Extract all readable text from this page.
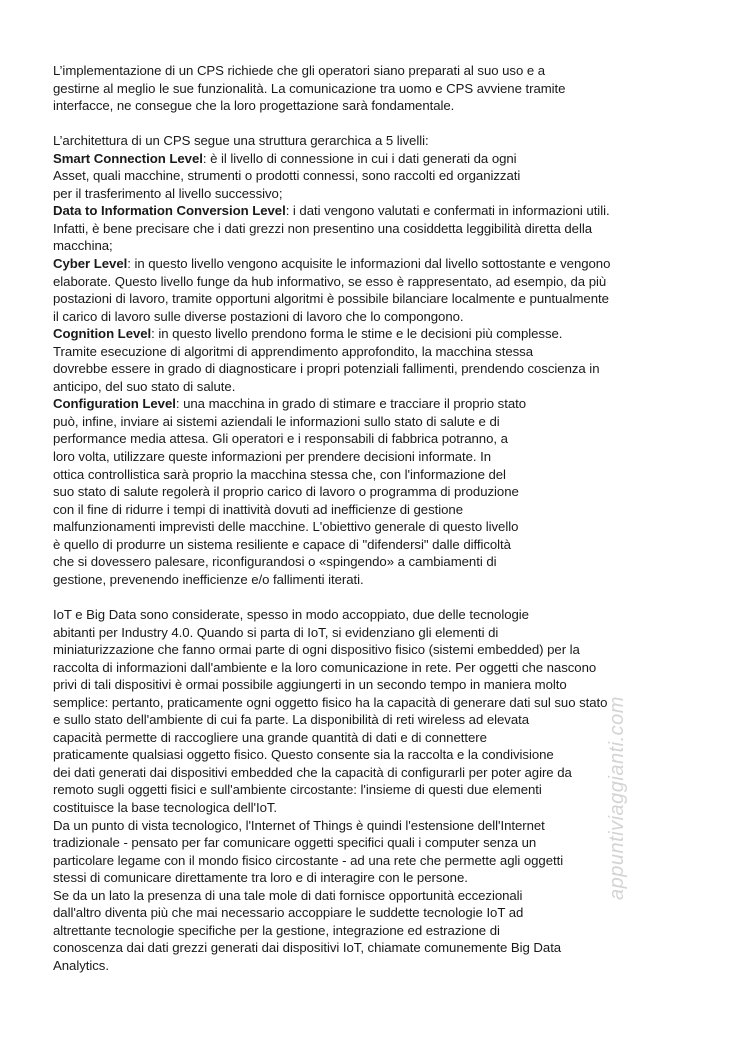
appuntiviaggianti.com
L’implementazione di un CPS richiede che gli operatori siano preparati al suo uso e a
gestirne al meglio le sue funzionalità. La comunicazione tra uomo e CPS avviene tramite
interfacce, ne consegue che la loro progettazione sarà fondamentale.
L’architettura di un CPS segue una struttura gerarchica a 5 livelli:
Smart Connection Level: è il livello di connessione in cui i dati generati da ogni
Asset, quali macchine, strumenti o prodotti connessi, sono raccolti ed organizzati
per il trasferimento al livello successivo;
Data to Information Conversion Level: i dati vengono valutati e confermati in informazioni utili.
Infatti, è bene precisare che i dati grezzi non presentino una cosiddetta leggibilità diretta della
macchina;
Cyber Level: in questo livello vengono acquisite le informazioni dal livello sottostante e vengono
elaborate. Questo livello funge da hub informativo, se esso è rappresentato, ad esempio, da più
postazioni di lavoro, tramite opportuni algoritmi è possibile bilanciare localmente e puntualmente
il carico di lavoro sulle diverse postazioni di lavoro che lo compongono.
Cognition Level: in questo livello prendono forma le stime e le decisioni più complesse.
Tramite esecuzione di algoritmi di apprendimento approfondito, la macchina stessa
dovrebbe essere in grado di diagnosticare i propri potenziali fallimenti, prendendo coscienza in
anticipo, del suo stato di salute.
Configuration Level: una macchina in grado di stimare e tracciare il proprio stato
può, infine, inviare ai sistemi aziendali le informazioni sullo stato di salute e di
performance media attesa. Gli operatori e i responsabili di fabbrica potranno, a
loro volta, utilizzare queste informazioni per prendere decisioni informate. In
ottica controllistica sarà proprio la macchina stessa che, con l'informazione del
suo stato di salute regolerà il proprio carico di lavoro o programma di produzione
con il fine di ridurre i tempi di inattività dovuti ad inefficienze di gestione
malfunzionamenti imprevisti delle macchine. L'obiettivo generale di questo livello
è quello di produrre un sistema resiliente e capace di "difendersi" dalle difficoltà
che si dovessero palesare, riconfigurandosi o «spingendo» a cambiamenti di
gestione, prevenendo inefficienze e/o fallimenti iterati.
IoT e Big Data sono considerate, spesso in modo accoppiato, due delle tecnologie
abitanti per Industry 4.0. Quando si parta di IoT, si evidenziano gli elementi di
miniaturizzazione che fanno ormai parte di ogni dispositivo fisico (sistemi embedded) per la
raccolta di informazioni dall'ambiente e la loro comunicazione in rete. Per oggetti che nascono
privi di tali dispositivi è ormai possibile aggiungerti in un secondo tempo in maniera molto
semplice: pertanto, praticamente ogni oggetto fisico ha la capacità di generare dati sul suo stato
e sullo stato dell'ambiente di cui fa parte. La disponibilità di reti wireless ad elevata
capacità permette di raccogliere una grande quantità di dati e di connettere
praticamente qualsiasi oggetto fisico. Questo consente sia la raccolta e la condivisione
dei dati generati dai dispositivi embedded che la capacità di configurarli per poter agire da
remoto sugli oggetti fisici e sull'ambiente circostante: l'insieme di questi due elementi
costituisce la base tecnologica dell'IoT.
Da un punto di vista tecnologico, l'Internet of Things è quindi l'estensione dell'Internet
tradizionale - pensato per far comunicare oggetti specifici quali i computer senza un
particolare legame con il mondo fisico circostante - ad una rete che permette agli oggetti
stessi di comunicare direttamente tra loro e di interagire con le persone.
Se da un lato la presenza di una tale mole di dati fornisce opportunità eccezionali
dall'altro diventa più che mai necessario accoppiare le suddette tecnologie IoT ad
altrettante tecnologie specifiche per la gestione, integrazione ed estrazione di
conoscenza dai dati grezzi generati dai dispositivi IoT, chiamate comunemente Big Data
Analytics.
